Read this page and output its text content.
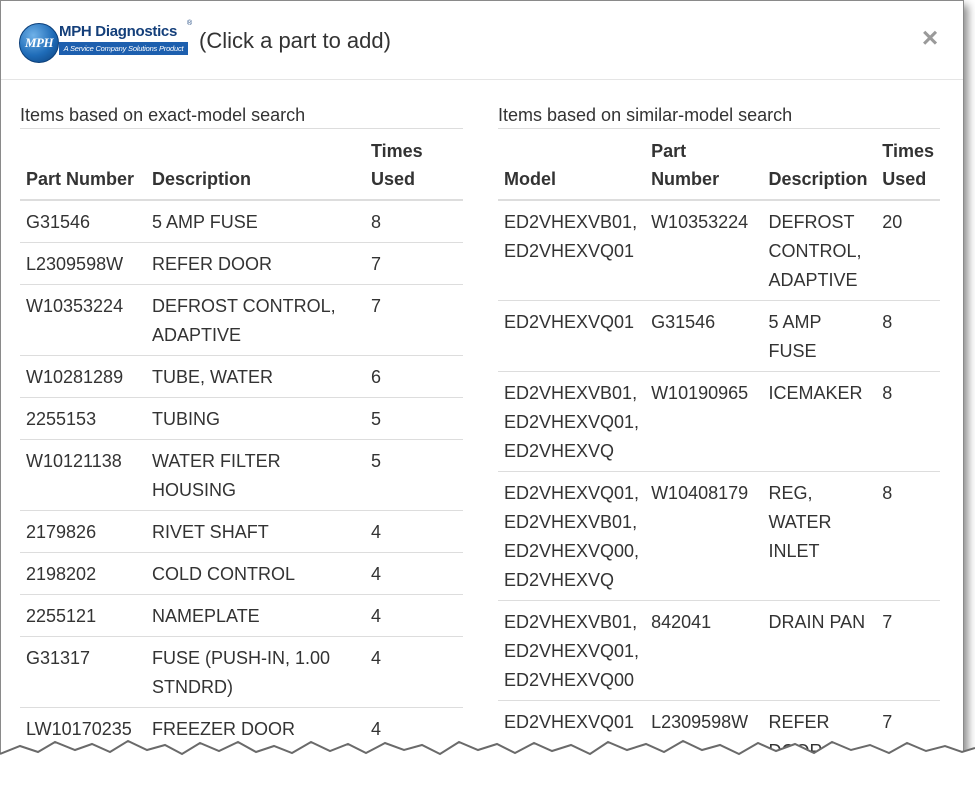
MPH
MPH Diagnostics	®
A Service Company Solutions Product (Click a part to add)	×
Items based on exact-model search
Part Number	Description	Times Used
G31546	5 AMP FUSE	8
L2309598W	REFER DOOR	7
W10353224	DEFROST CONTROL, ADAPTIVE	7
W10281289	TUBE, WATER	6
2255153	TUBING	5
W10121138	WATER FILTER HOUSING	5
2179826	RIVET SHAFT	4
2198202	COLD CONTROL	4
2255121	NAMEPLATE	4
G31317	FUSE (PUSH-IN, 1.00 STNDRD)	4
LW10170235	FREEZER DOOR	4
Items based on similar-model search
Model	Part Number	Description	Times Used
ED2VHEXVB01, ED2VHEXVQ01	W10353224	DEFROST CONTROL, ADAPTIVE	20
ED2VHEXVQ01	G31546	5 AMP FUSE	8
ED2VHEXVB01, ED2VHEXVQ01, ED2VHEXVQ	W10190965	ICEMAKER	8
ED2VHEXVQ01, ED2VHEXVB01, ED2VHEXVQ00, ED2VHEXVQ	W10408179	REG, WATER INLET	8
ED2VHEXVB01, ED2VHEXVQ01, ED2VHEXVQ00	842041	DRAIN PAN	7
ED2VHEXVQ01	L2309598W	REFER	7
